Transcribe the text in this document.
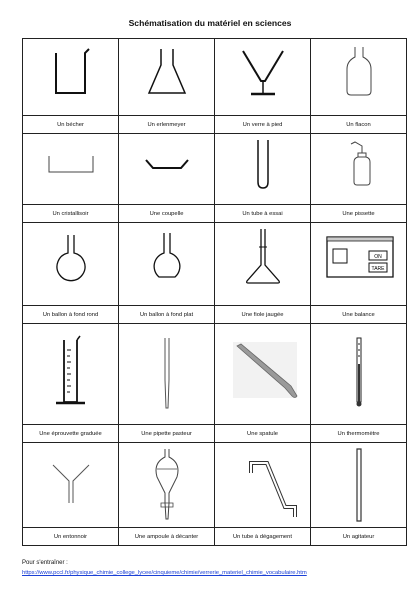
Schématisation du matériel en sciences

Un bécher	Un erlenmeyer	Un verre à pied	Un flacon

Un cristallisoir	Une coupelle	Un tube à essai	Une pissette

ON
TARE

Un ballon à fond rond	Un ballon à fond plat	Une fiole jaugée	Une balance

Une éprouvette graduée	Une pipette pasteur	Une spatule	Un thermomètre

Un entonnoir	Une ampoule à décanter	Un tube à dégagement	Un agitateur
Pour s'entraîner :
https://www.pccl.fr/physique_chimie_college_lycee/cinquieme/chimie/verrerie_materiel_chimie_vocabulaire.htm
